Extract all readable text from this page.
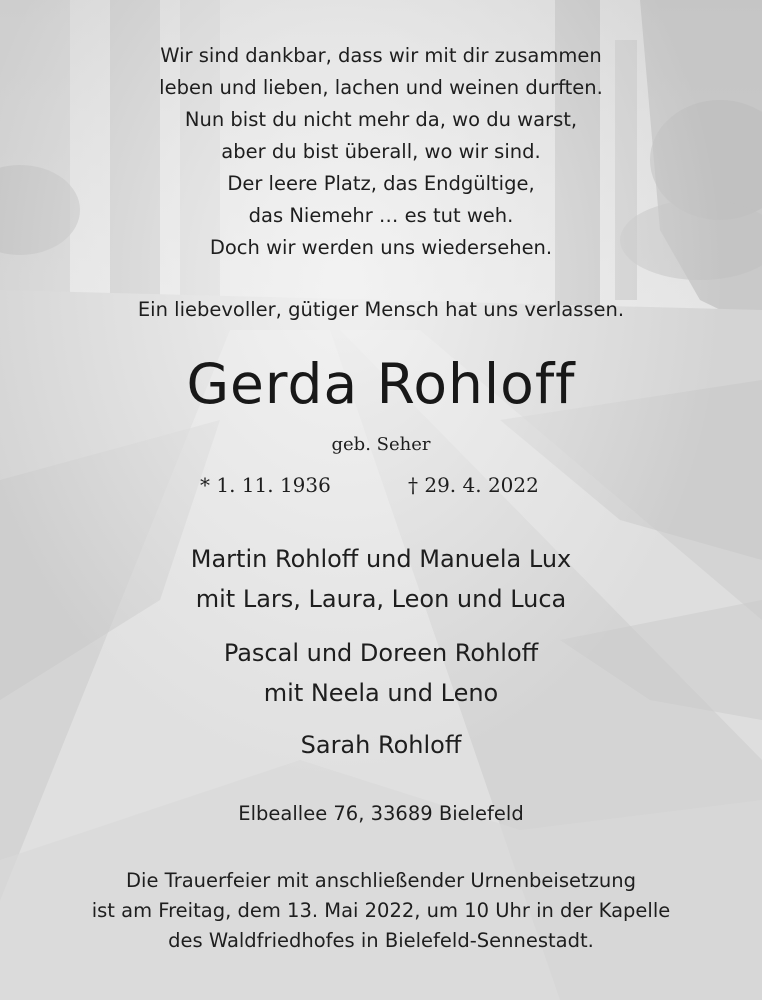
Wir sind dankbar, dass wir mit dir zusammen
leben und lieben, lachen und weinen durften.
Nun bist du nicht mehr da, wo du warst,
aber du bist überall, wo wir sind.
Der leere Platz, das Endgültige,
das Niemehr … es tut weh.
Doch wir werden uns wiedersehen.
Ein liebevoller, gütiger Mensch hat uns verlassen.
Gerda Rohloff
geb. Seher
* 1. 11. 1936	† 29. 4. 2022
Martin Rohloff und Manuela Lux
mit Lars, Laura, Leon und Luca
Pascal und Doreen Rohloff
mit Neela und Leno
Sarah Rohloff
Elbeallee 76, 33689 Bielefeld
Die Trauerfeier mit anschließender Urnenbeisetzung
ist am Freitag, dem 13. Mai 2022, um 10 Uhr in der Kapelle
des Waldfriedhofes in Bielefeld-Sennestadt.
